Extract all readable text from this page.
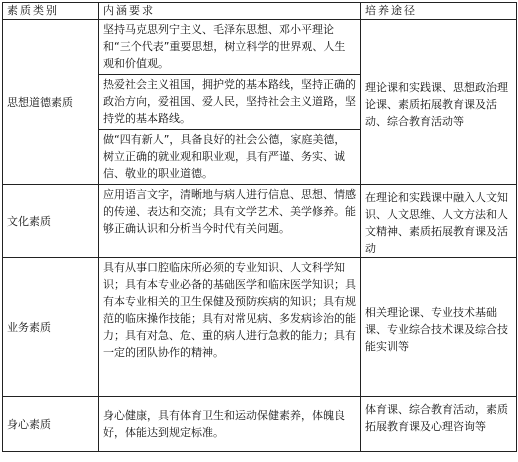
素质类别	内涵要求	培养途径
思想道德素质	坚持马克思列宁主义、毛泽东思想、邓小平理论和“三个代表”重要思想，树立科学的世界观、人生观和价值观。	理论课和实践课、思想政治理论课、素质拓展教育课及活动、综合教育活动等
	热爱社会主义祖国，拥护党的基本路线，坚持正确的政治方向，爱祖国、爱人民，坚持社会主义道路，坚持党的基本路线。	
	做“四有新人”，具备良好的社会公德，家庭美德，树立正确的就业观和职业观，具有严谨、务实、诚信、敬业的职业道德。	
文化素质	应用语言文字，清晰地与病人进行信息、思想、情感的传递、表达和交流；具有文学艺术、美学修养。能够正确认识和分析当今时代有关问题。	在理论和实践课中融入人文知识、人文思维、人文方法和人文精神、素质拓展教育课及活动
业务素质	具有从事口腔临床所必须的专业知识、人文科学知识；具有本专业必备的基础医学和临床医学知识；具有本专业相关的卫生保健及预防疾病的知识；具有规范的临床操作技能；具有对常见病、多发病诊治的能力；具有对急、危、重的病人进行急救的能力；具有一定的团队协作的精神。	相关理论课、专业技术基础课、专业综合技术课及综合技能实训等
身心素质	身心健康，具有体育卫生和运动保健素养，体魄良好，体能达到规定标准。	体育课、综合教育活动，素质拓展教育课及心理咨询等
